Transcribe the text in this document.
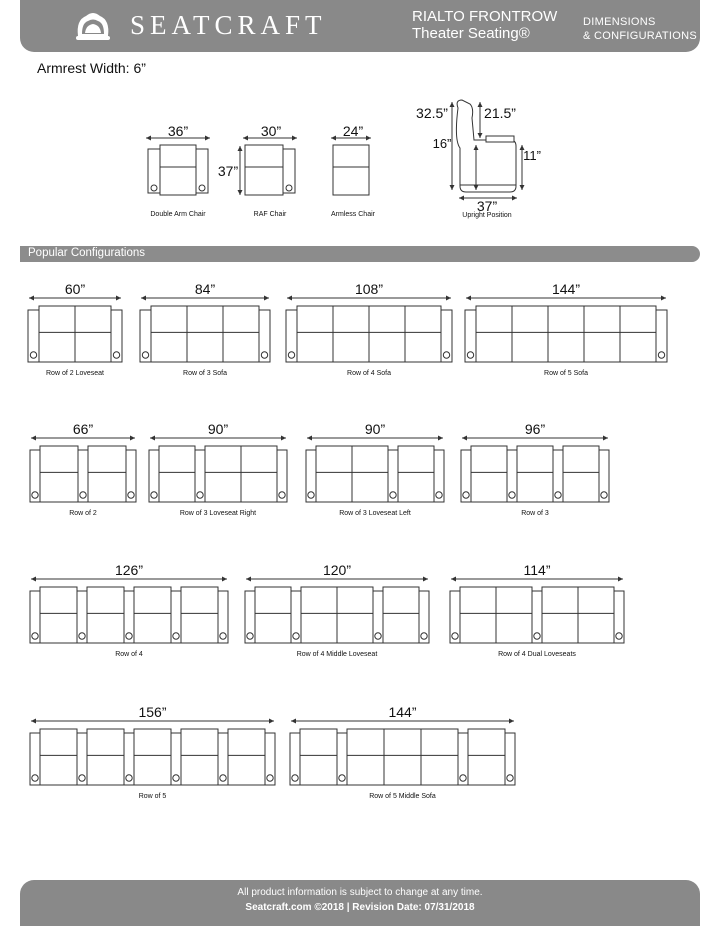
SEATCRAFT	RIALTO FRONTROW
Theater Seating®
DIMENSIONS
& CONFIGURATIONS
Armrest Width: 6”
Popular Configurations
36”
Double Arm Chair
30”
37”
RAF Chair
24”
Armless Chair
32.5”	21.5”
16”
11”
37”
Upright Position
60”
Row of 2 Loveseat
84”
Row of 3 Sofa
108”
Row of 4 Sofa
144”
Row of 5 Sofa
66”
Row of 2
90”
Row of 3 Loveseat Right
90”
Row of 3 Loveseat Left
96”
Row of 3
126”
Row of 4
120”
Row of 4 Middle Loveseat
114”
Row of 4 Dual Loveseats
156”
Row of 5
144”
Row of 5 Middle Sofa
All product information is subject to change at any time.
Seatcraft.com ©2018 | Revision Date: 07/31/2018
